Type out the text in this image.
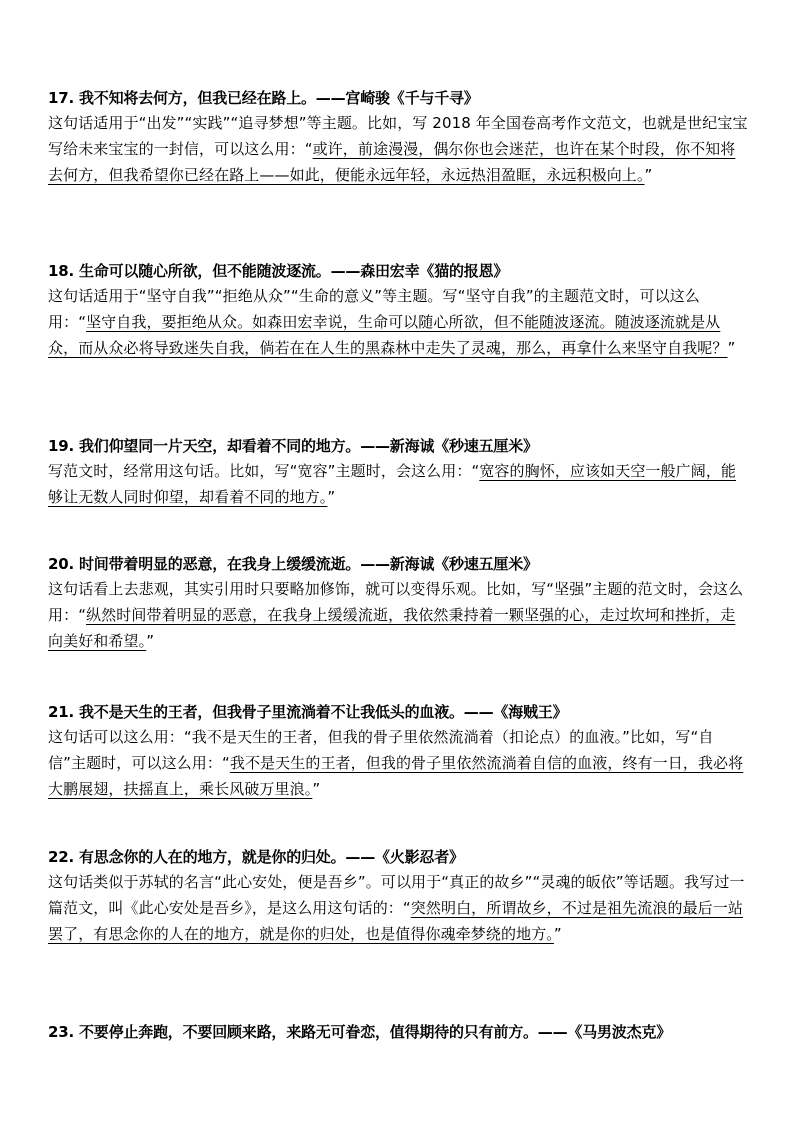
17. 我不知将去何方，但我已经在路上。——宫崎骏《千与千寻》
这句话适用于“出发”“实践”“追寻梦想”等主题。比如，写 2018 年全国卷高考作文范文，也就是世纪宝宝写给未来宝宝的一封信，可以这么用：“或许，前途漫漫，偶尔你也会迷茫，也许在某个时段，你不知将去何方，但我希望你已经在路上——如此，便能永远年轻，永远热泪盈眶，永远积极向上。”
18. 生命可以随心所欲，但不能随波逐流。——森田宏幸《猫的报恩》
这句话适用于“坚守自我”“拒绝从众”“生命的意义”等主题。写“坚守自我”的主题范文时，可以这么用：“坚守自我，要拒绝从众。如森田宏幸说，生命可以随心所欲，但不能随波逐流。随波逐流就是从众，而从众必将导致迷失自我，倘若在在人生的黑森林中走失了灵魂，那么，再拿什么来坚守自我呢？”
19. 我们仰望同一片天空，却看着不同的地方。——新海诚《秒速五厘米》
写范文时，经常用这句话。比如，写“宽容”主题时，会这么用：“宽容的胸怀，应该如天空一般广阔，能够让无数人同时仰望，却看着不同的地方。”
20. 时间带着明显的恶意，在我身上缓缓流逝。——新海诚《秒速五厘米》
这句话看上去悲观，其实引用时只要略加修饰，就可以变得乐观。比如，写“坚强”主题的范文时，会这么用：“纵然时间带着明显的恶意，在我身上缓缓流逝，我依然秉持着一颗坚强的心，走过坎坷和挫折，走向美好和希望。”
21. 我不是天生的王者，但我骨子里流淌着不让我低头的血液。——《海贼王》
这句话可以这么用：“我不是天生的王者，但我的骨子里依然流淌着（扣论点）的血液。”比如，写“自信”主题时，可以这么用：“我不是天生的王者，但我的骨子里依然流淌着自信的血液，终有一日，我必将大鹏展翅，扶摇直上，乘长风破万里浪。”
22. 有思念你的人在的地方，就是你的归处。——《火影忍者》
这句话类似于苏轼的名言“此心安处，便是吾乡”。可以用于“真正的故乡”“灵魂的皈依”等话题。我写过一篇范文，叫《此心安处是吾乡》，是这么用这句话的：“突然明白，所谓故乡，不过是祖先流浪的最后一站罢了，有思念你的人在的地方，就是你的归处，也是值得你魂牵梦绕的地方。”
23. 不要停止奔跑，不要回顾来路，来路无可眷恋，值得期待的只有前方。——《马男波杰克》
